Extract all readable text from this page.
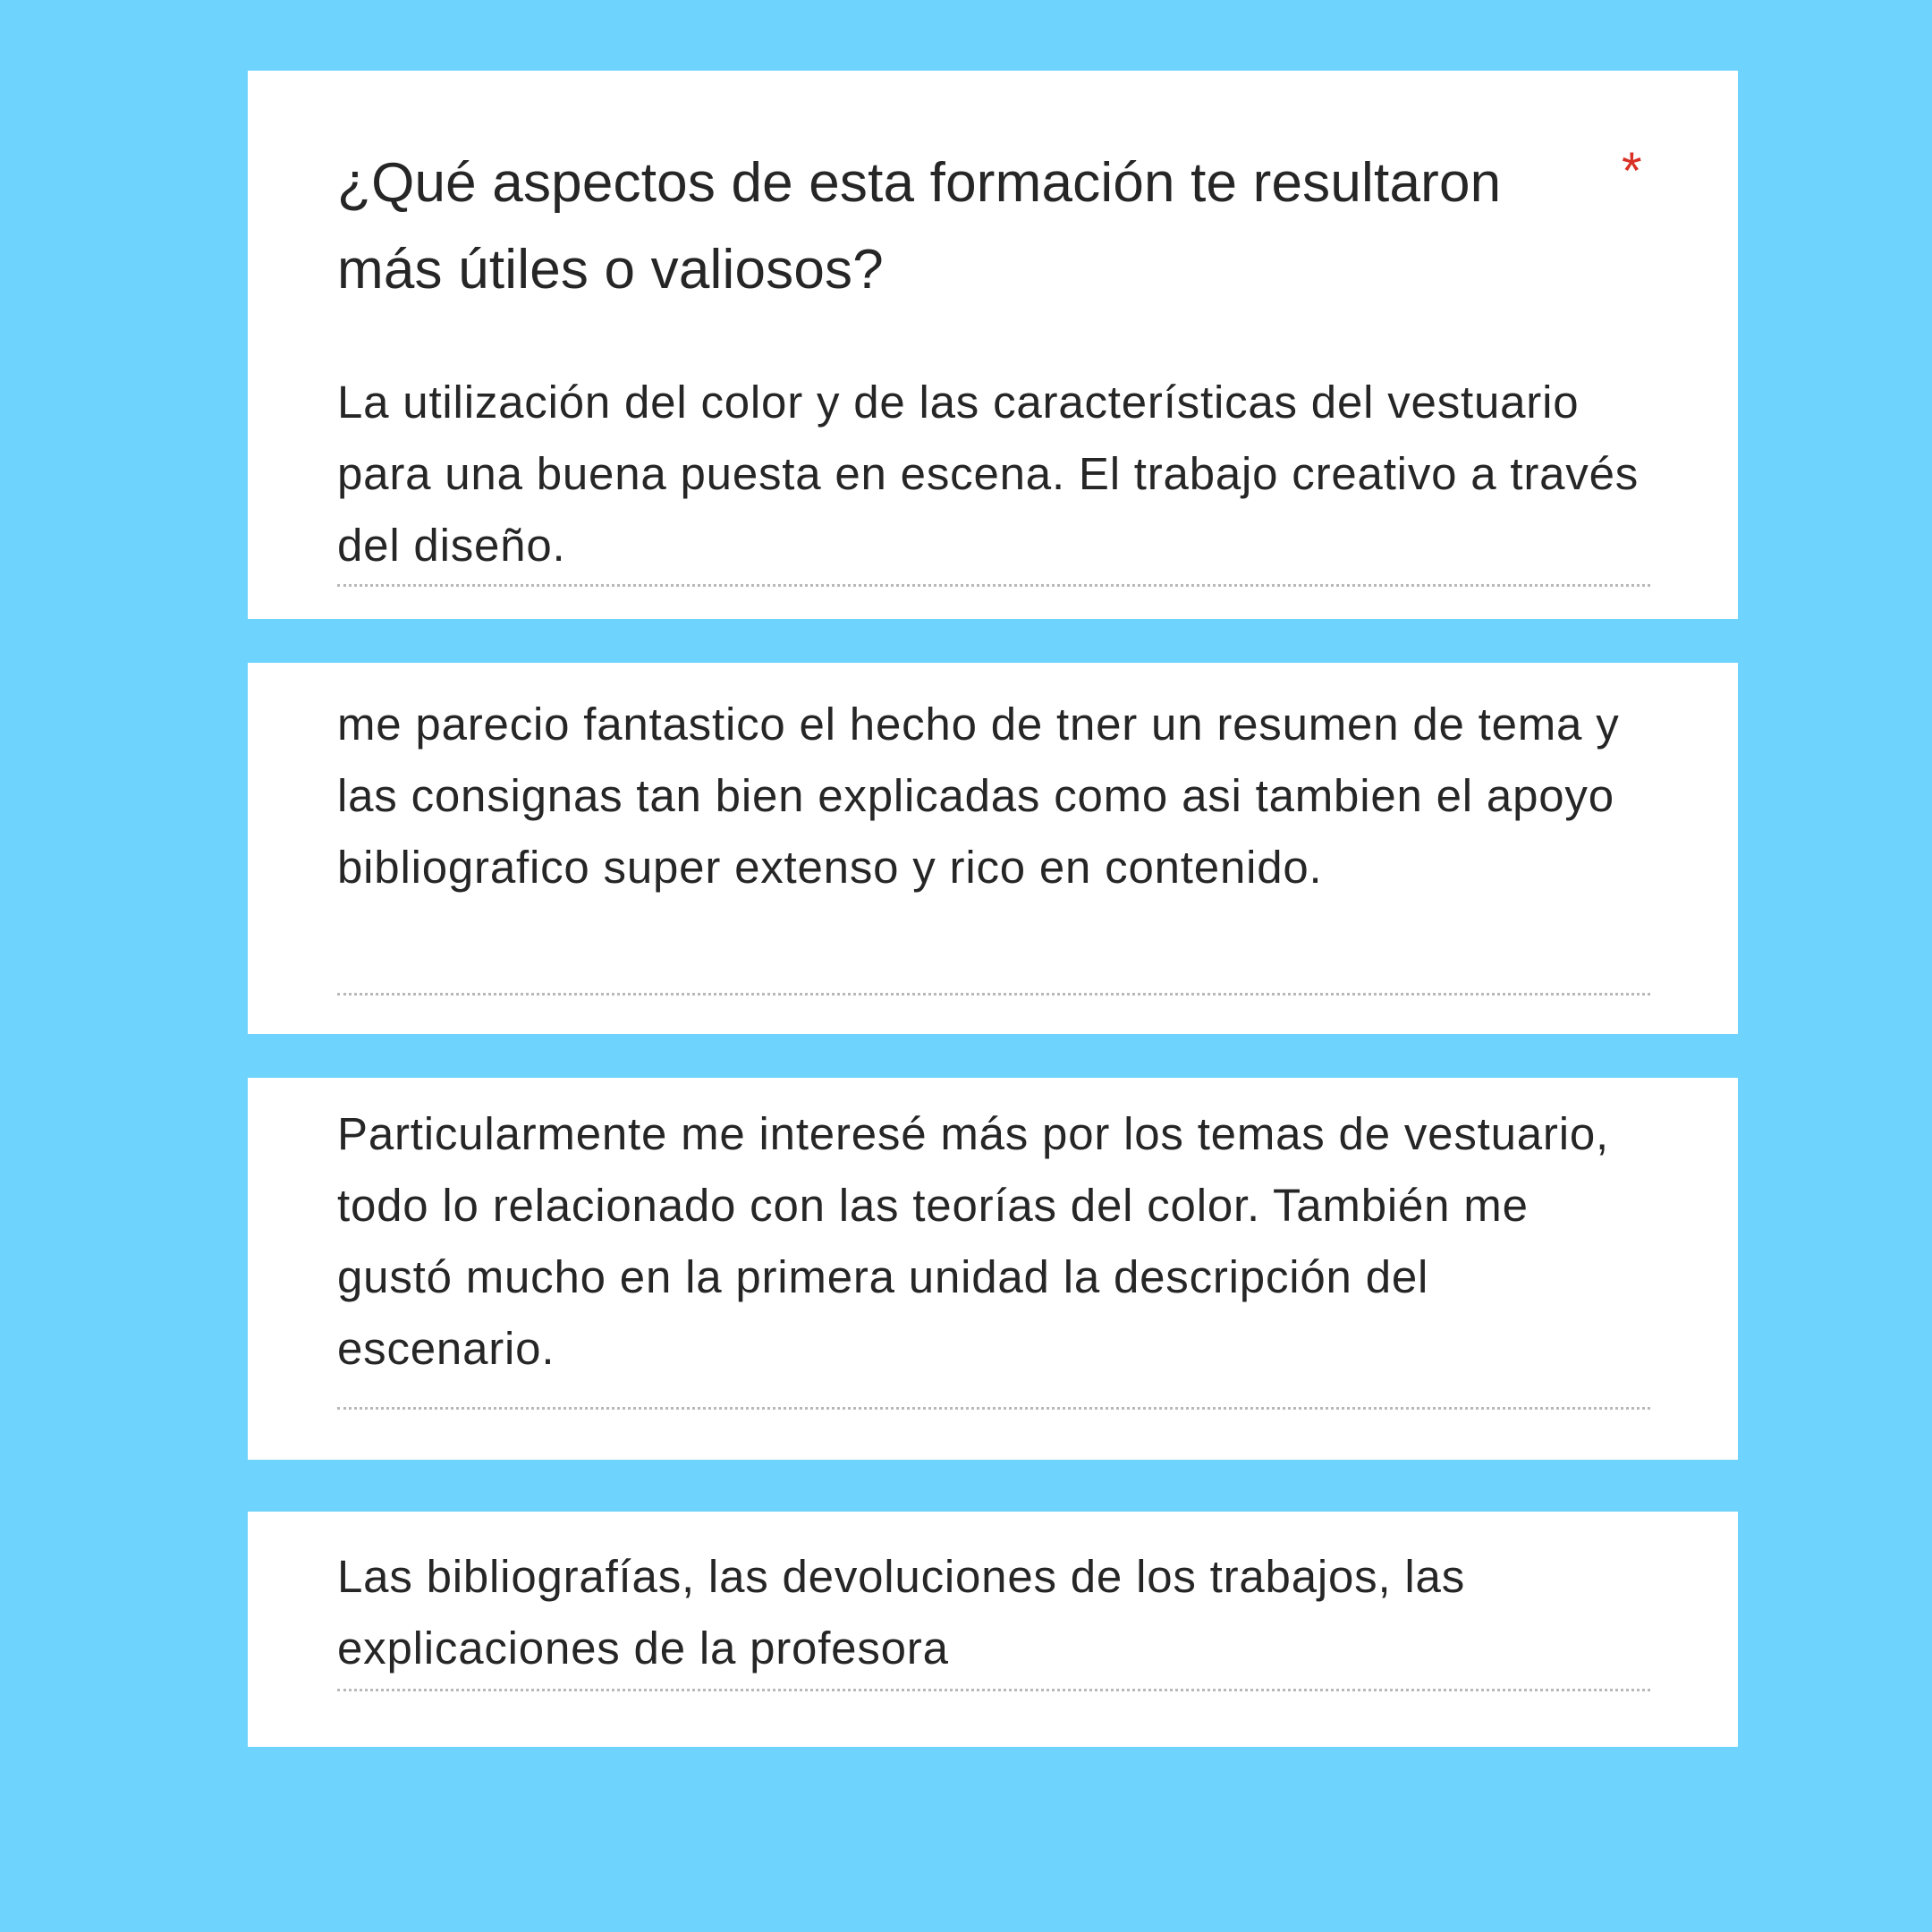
¿Qué aspectos de esta formación te resultaron más útiles o valiosos?
*
La utilización del color y de las características del vestuario para una buena puesta en escena. El trabajo creativo a través del diseño.
me parecio fantastico el hecho de tner un resumen de tema y las consignas tan bien explicadas como asi tambien el apoyo bibliografico super extenso y rico en contenido.
Particularmente me interesé más por los temas de vestuario, todo lo relacionado con las teorías del color. También me gustó mucho en la primera unidad la descripción del escenario.
Las bibliografías, las devoluciones de los trabajos, las explicaciones de la profesora
